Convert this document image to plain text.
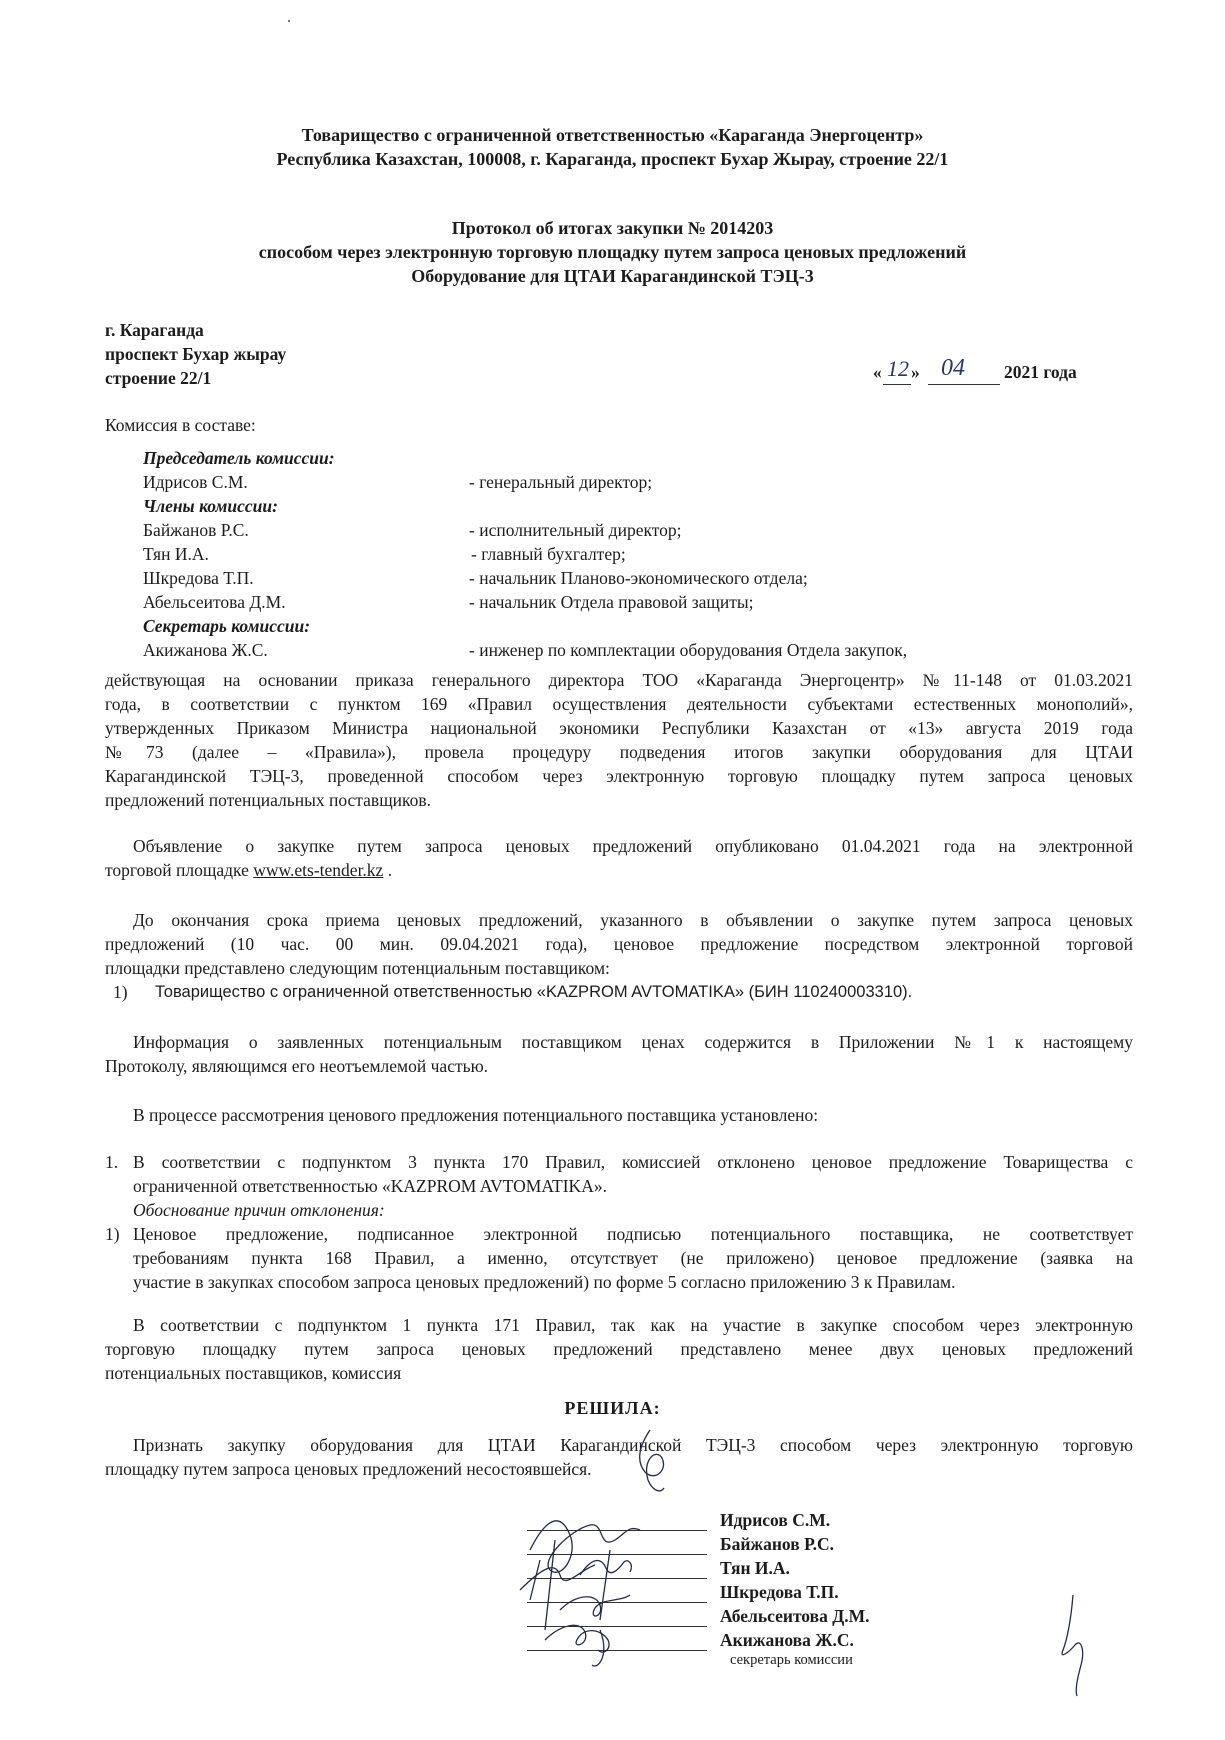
Товарищество с ограниченной ответственностью «Караганда Энергоцентр»
Республика Казахстан, 100008, г. Караганда, проспект Бухар Жырау, строение 22/1
Протокол об итогах закупки № 2014203
способом через электронную торговую площадку путем запроса ценовых предложений
Оборудование для ЦТАИ Карагандинской ТЭЦ-3
г. Караганда
проспект Бухар жырау
строение 22/1	« 12 » 04	2021 года
Комиссия в составе:
Председатель комиссии:
Идрисов С.М.	- генеральный директор;
Члены комиссии:
Байжанов Р.С.	- исполнительный директор;
Тян И.А.	- главный бухгалтер;
Шкредова Т.П.	- начальник Планово-экономического отдела;
Абельсеитова Д.М.	- начальник Отдела правовой защиты;
Секретарь комиссии:
Акижанова Ж.С.	- инженер по комплектации оборудования Отдела закупок,
действующая на основании приказа генерального директора ТОО «Караганда Энергоцентр» №11-148 от 01.03.2021
года, в соответствии с пунктом 169 «Правил осуществления деятельности субъектами естественных монополий»,
утвержденных Приказом Министра национальной экономики Республики Казахстан от «13» августа 2019 года
№73 (далее – «Правила»), провела процедуру подведения итогов закупки оборудования для ЦТАИ
Карагандинской ТЭЦ-3, проведенной способом через электронную торговую площадку путем запроса ценовых
предложений потенциальных поставщиков.
Объявление о закупке путем запроса ценовых предложений опубликовано 01.04.2021 года на электронной
торговой площадке www.ets-tender.kz .
До окончания срока приема ценовых предложений, указанного в объявлении о закупке путем запроса ценовых
предложений (10 час. 00 мин. 09.04.2021 года), ценовое предложение посредством электронной торговой
площадки представлено следующим потенциальным поставщиком:
1) Товарищество с ограниченной ответственностью «KAZPROM AVTOMATIKA» (БИН 110240003310).
Информация о заявленных потенциальным поставщиком ценах содержится в Приложении №1 к настоящему
Протоколу, являющимся его неотъемлемой частью.
В процессе рассмотрения ценового предложения потенциального поставщика установлено:
1. В соответствии с подпунктом 3 пункта 170 Правил, комиссией отклонено ценовое предложение Товарищества с
ограниченной ответственностью «KAZPROM AVTOMATIKA».
Обоснование причин отклонения:
1) Ценовое предложение, подписанное электронной подписью потенциального поставщика, не соответствует
требованиям пункта 168 Правил, а именно, отсутствует (не приложено) ценовое предложение (заявка на
участие в закупках способом запроса ценовых предложений) по форме 5 согласно приложению 3 к Правилам.
В соответствии с подпунктом 1 пункта 171 Правил, так как на участие в закупке способом через электронную
торговую площадку путем запроса ценовых предложений представлено менее двух ценовых предложений
потенциальных поставщиков, комиссия
РЕШИЛА:
Признать закупку оборудования для ЦТАИ Карагандинской ТЭЦ-3 способом через электронную торговую
площадку путем запроса ценовых предложений несостоявшейся.
Идрисов С.М.
Байжанов Р.С.
Тян И.А.
Шкредова Т.П.
Абельсеитова Д.М.
Акижанова Ж.С.
секретарь комиссии
